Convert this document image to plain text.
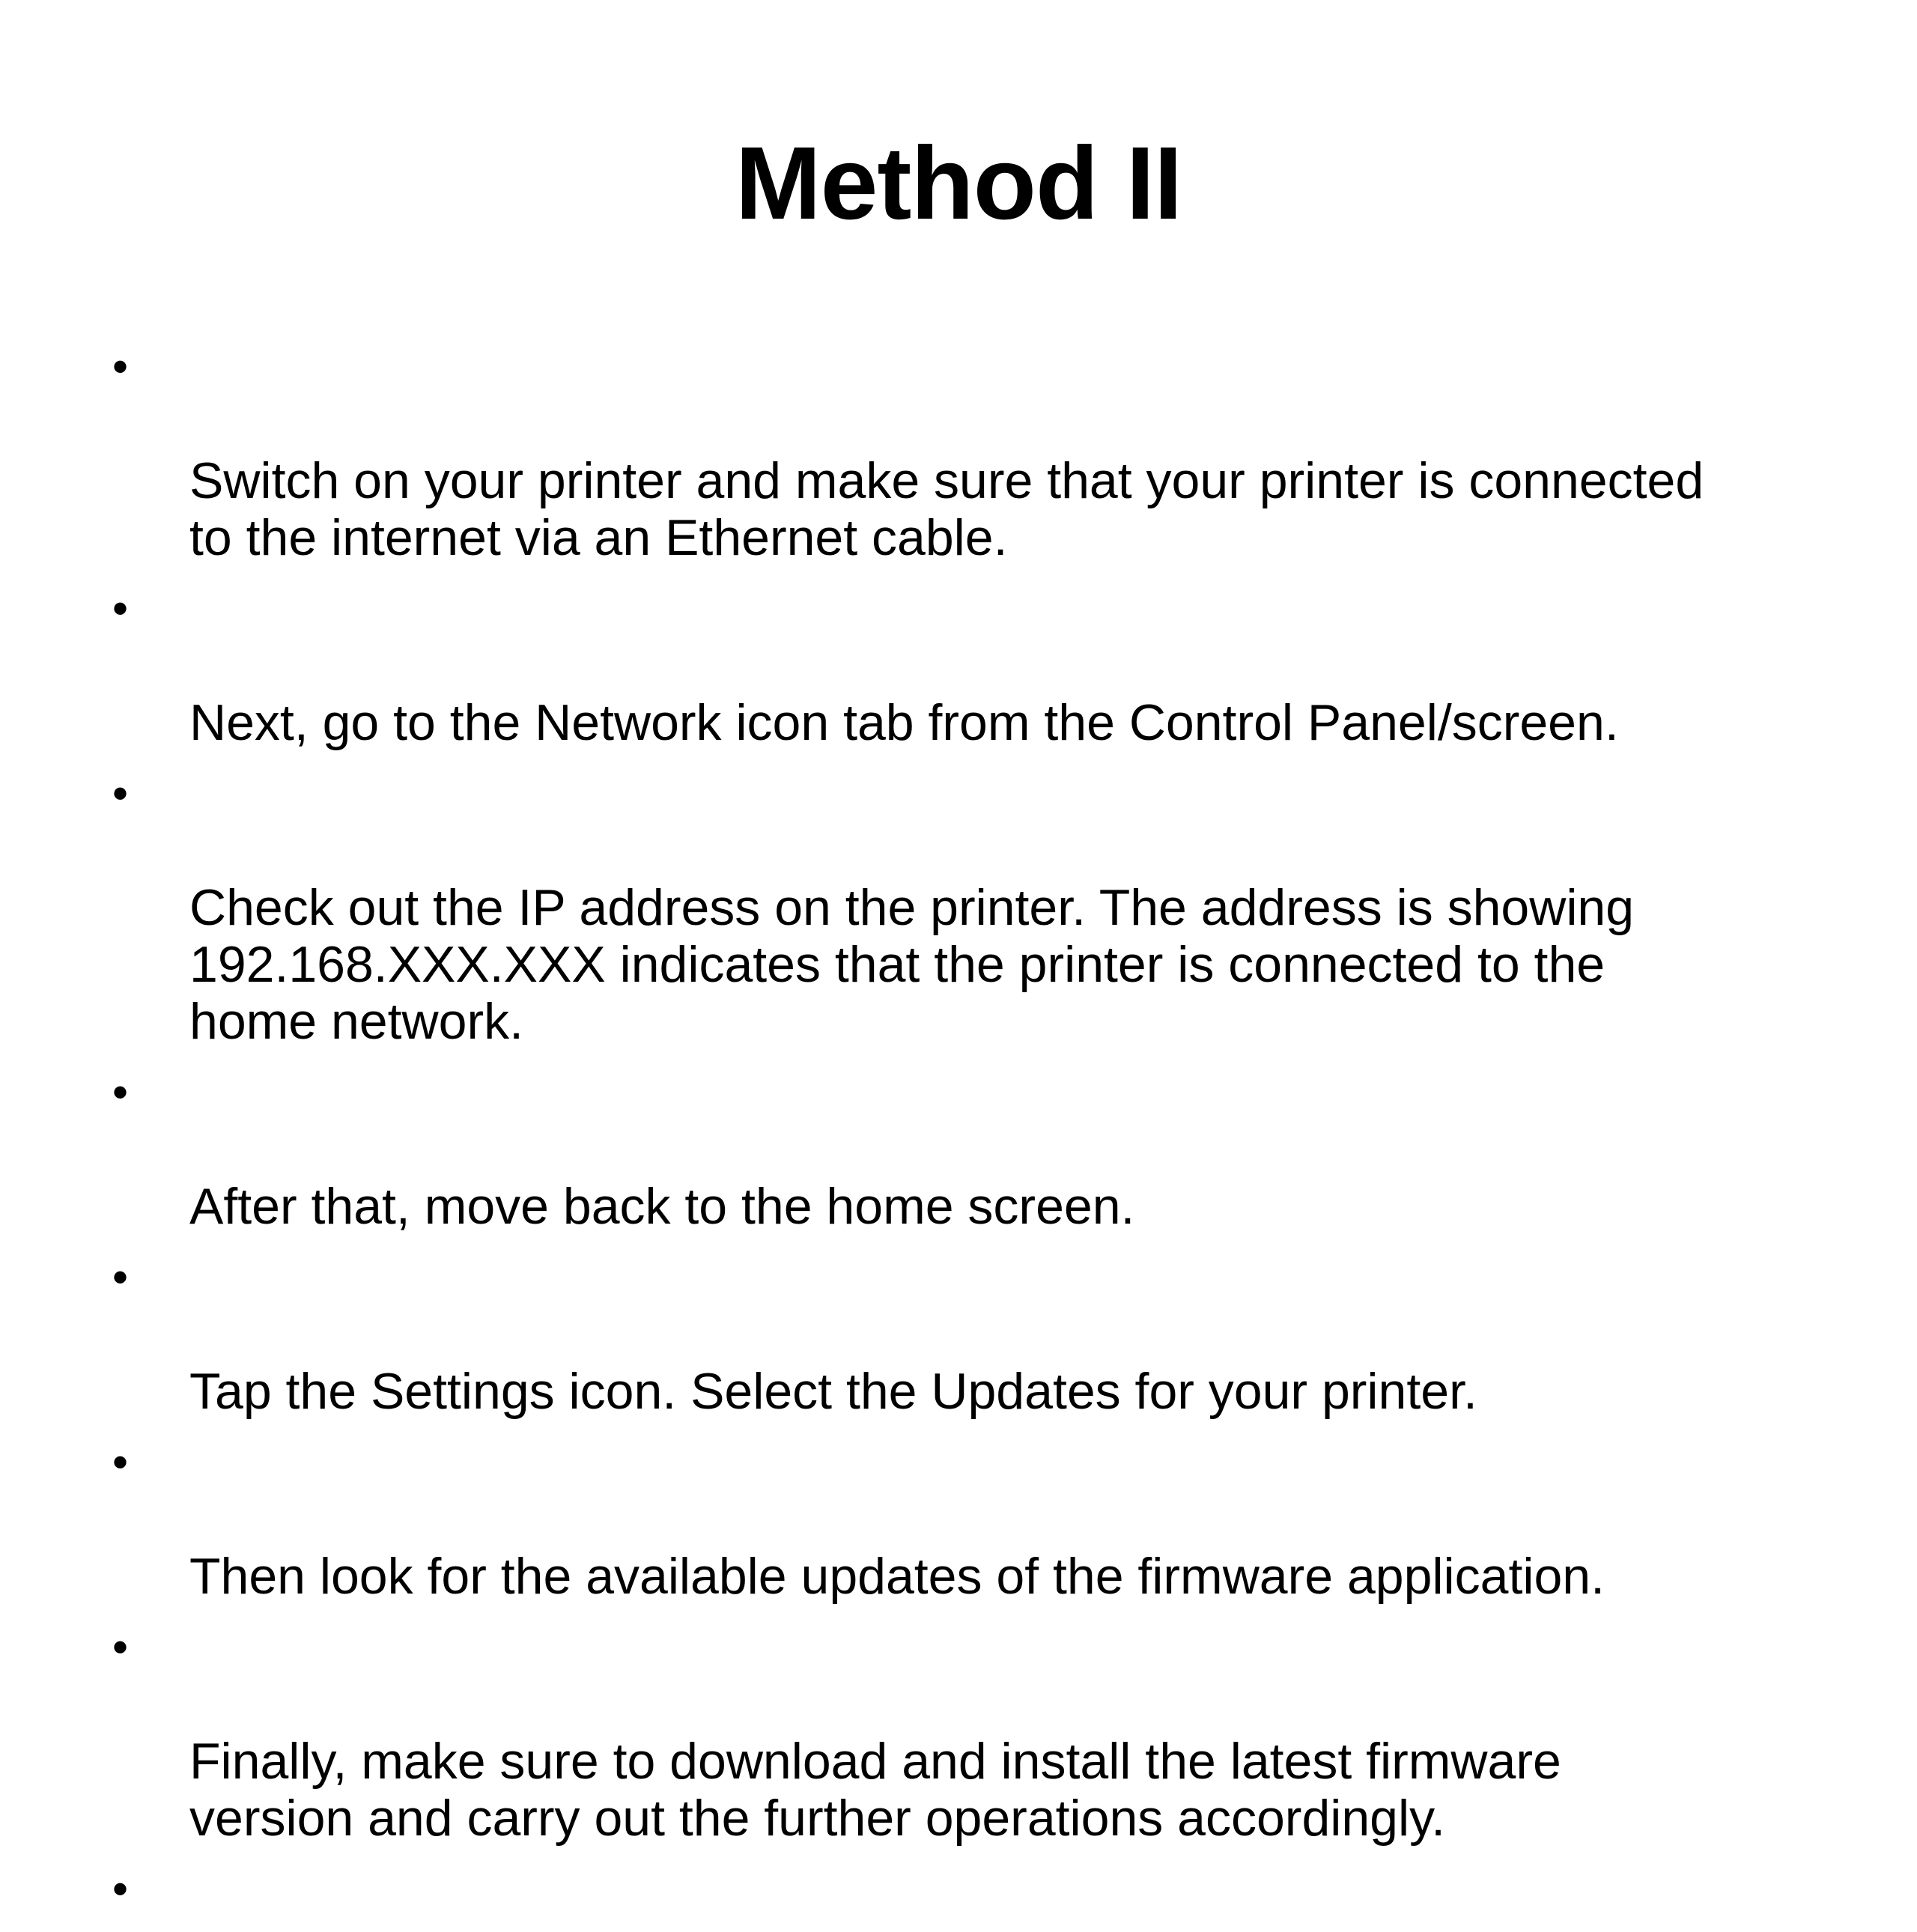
Method II

•

Switch on your printer and make sure that your printer is connected
to the internet via an Ethernet cable.

•

Next, go to the Network icon tab from the Control Panel/screen.

•

Check out the IP address on the printer. The address is showing
192.168.XXX.XXX indicates that the printer is connected to the
home network.

•

After that, move back to the home screen.

•

Tap the Settings icon. Select the Updates for your printer.

•

Then look for the available updates of the firmware application.

•

Finally, make sure to download and install the latest firmware
version and carry out the further operations accordingly.

•
